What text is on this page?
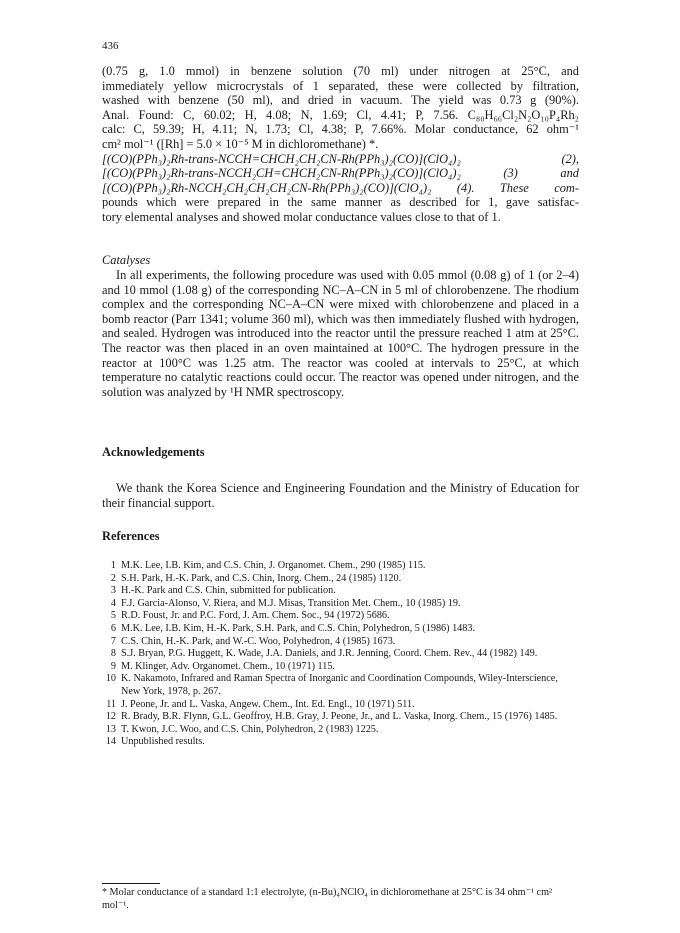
436
(0.75 g, 1.0 mmol) in benzene solution (70 ml) under nitrogen at 25°C, and
immediately yellow microcrystals of 1 separated, these were collected by filtration,
washed with benzene (50 ml), and dried in vacuum. The yield was 0.73 g (90%).
Anal. Found: C, 60.02; H, 4.08; N, 1.69; Cl, 4.41; P, 7.56. C₈₀H₆₆Cl₂N₂O₁₀P₄Rh₂
calc: C, 59.39; H, 4.11; N, 1.73; Cl, 4.38; P, 7.66%. Molar conductance, 62 ohm⁻¹
cm² mol⁻¹ ([Rh] = 5.0 × 10⁻⁵ M in dichloromethane) *.
[(CO)(PPh₃)₂Rh-trans-NCCH=CHCH₂CH₂CN-Rh(PPh₃)₂(CO)](ClO₄)₂ (2),
[(CO)(PPh₃)₂Rh-trans-NCCH₂CH=CHCH₂CN-Rh(PPh₃)₂(CO)](ClO₄)₂ (3) and
[(CO)(PPh₃)₂Rh-NCCH₂CH₂CH₂CH₂CN-Rh(PPh₃)₂(CO)](ClO₄)₂ (4). These com-
pounds which were prepared in the same manner as described for 1, gave satisfac-
tory elemental analyses and showed molar conductance values close to that of 1.
Catalyses
In all experiments, the following procedure was used with 0.05 mmol (0.08 g) of 1 (or 2–4) and 10 mmol (1.08 g) of the corresponding NC–A–CN in 5 ml of chlorobenzene. The rhodium complex and the corresponding NC–A–CN were mixed with chlorobenzene and placed in a bomb reactor (Parr 1341; volume 360 ml), which was then immediately flushed with hydrogen, and sealed. Hydrogen was introduced into the reactor until the pressure reached 1 atm at 25°C. The reactor was then placed in an oven maintained at 100°C. The hydrogen pressure in the reactor at 100°C was 1.25 atm. The reactor was cooled at intervals to 25°C, at which temperature no catalytic reactions could occur. The reactor was opened under nitrogen, and the solution was analyzed by ¹H NMR spectroscopy.
Acknowledgements
We thank the Korea Science and Engineering Foundation and the Ministry of Education for their financial support.
References
1 M.K. Lee, I.B. Kim, and C.S. Chin, J. Organomet. Chem., 290 (1985) 115.
2 S.H. Park, H.-K. Park, and C.S. Chin, Inorg. Chem., 24 (1985) 1120.
3 H.-K. Park and C.S. Chin, submitted for publication.
4 F.J. Garcia-Alonso, V. Riera, and M.J. Misas, Transition Met. Chem., 10 (1985) 19.
5 R.D. Foust, Jr. and P.C. Ford, J. Am. Chem. Soc., 94 (1972) 5686.
6 M.K. Lee, I.B. Kim, H.-K. Park, S.H. Park, and C.S. Chin, Polyhedron, 5 (1986) 1483.
7 C.S. Chin, H.-K. Park, and W.-C. Woo, Polyhedron, 4 (1985) 1673.
8 S.J. Bryan, P.G. Huggett, K. Wade, J.A. Daniels, and J.R. Jenning, Coord. Chem. Rev., 44 (1982) 149.
9 M. Klinger, Adv. Organomet. Chem., 10 (1971) 115.
10 K. Nakamoto, Infrared and Raman Spectra of Inorganic and Coordination Compounds, Wiley-Interscience, New York, 1978, p. 267.
11 J. Peone, Jr. and L. Vaska, Angew. Chem., Int. Ed. Engl., 10 (1971) 511.
12 R. Brady, B.R. Flynn, G.L. Geoffroy, H.B. Gray, J. Peone, Jr., and L. Vaska, Inorg. Chem., 15 (1976) 1485.
13 T. Kwon, J.C. Woo, and C.S. Chin, Polyhedron, 2 (1983) 1225.
14 Unpublished results.
* Molar conductance of a standard 1:1 electrolyte, (n-Bu)₄NClO₄ in dichloromethane at 25°C is 34 ohm⁻¹ cm² mol⁻¹.
